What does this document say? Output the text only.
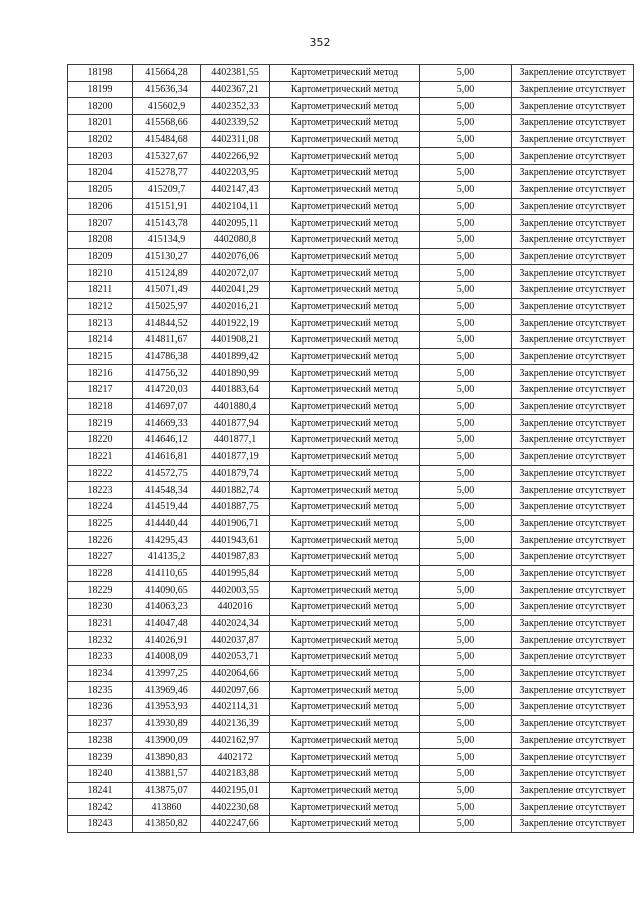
352
18198	415664,28	4402381,55	Картометрический метод	5,00	Закрепление отсутствует
18199	415636,34	4402367,21	Картометрический метод	5,00	Закрепление отсутствует
18200	415602,9	4402352,33	Картометрический метод	5,00	Закрепление отсутствует
18201	415568,66	4402339,52	Картометрический метод	5,00	Закрепление отсутствует
18202	415484,68	4402311,08	Картометрический метод	5,00	Закрепление отсутствует
18203	415327,67	4402266,92	Картометрический метод	5,00	Закрепление отсутствует
18204	415278,77	4402203,95	Картометрический метод	5,00	Закрепление отсутствует
18205	415209,7	4402147,43	Картометрический метод	5,00	Закрепление отсутствует
18206	415151,91	4402104,11	Картометрический метод	5,00	Закрепление отсутствует
18207	415143,78	4402095,11	Картометрический метод	5,00	Закрепление отсутствует
18208	415134,9	4402080,8	Картометрический метод	5,00	Закрепление отсутствует
18209	415130,27	4402076,06	Картометрический метод	5,00	Закрепление отсутствует
18210	415124,89	4402072,07	Картометрический метод	5,00	Закрепление отсутствует
18211	415071,49	4402041,29	Картометрический метод	5,00	Закрепление отсутствует
18212	415025,97	4402016,21	Картометрический метод	5,00	Закрепление отсутствует
18213	414844,52	4401922,19	Картометрический метод	5,00	Закрепление отсутствует
18214	414811,67	4401908,21	Картометрический метод	5,00	Закрепление отсутствует
18215	414786,38	4401899,42	Картометрический метод	5,00	Закрепление отсутствует
18216	414756,32	4401890,99	Картометрический метод	5,00	Закрепление отсутствует
18217	414720,03	4401883,64	Картометрический метод	5,00	Закрепление отсутствует
18218	414697,07	4401880,4	Картометрический метод	5,00	Закрепление отсутствует
18219	414669,33	4401877,94	Картометрический метод	5,00	Закрепление отсутствует
18220	414646,12	4401877,1	Картометрический метод	5,00	Закрепление отсутствует
18221	414616,81	4401877,19	Картометрический метод	5,00	Закрепление отсутствует
18222	414572,75	4401879,74	Картометрический метод	5,00	Закрепление отсутствует
18223	414548,34	4401882,74	Картометрический метод	5,00	Закрепление отсутствует
18224	414519,44	4401887,75	Картометрический метод	5,00	Закрепление отсутствует
18225	414440,44	4401906,71	Картометрический метод	5,00	Закрепление отсутствует
18226	414295,43	4401943,61	Картометрический метод	5,00	Закрепление отсутствует
18227	414135,2	4401987,83	Картометрический метод	5,00	Закрепление отсутствует
18228	414110,65	4401995,84	Картометрический метод	5,00	Закрепление отсутствует
18229	414090,65	4402003,55	Картометрический метод	5,00	Закрепление отсутствует
18230	414063,23	4402016	Картометрический метод	5,00	Закрепление отсутствует
18231	414047,48	4402024,34	Картометрический метод	5,00	Закрепление отсутствует
18232	414026,91	4402037,87	Картометрический метод	5,00	Закрепление отсутствует
18233	414008,09	4402053,71	Картометрический метод	5,00	Закрепление отсутствует
18234	413997,25	4402064,66	Картометрический метод	5,00	Закрепление отсутствует
18235	413969,46	4402097,66	Картометрический метод	5,00	Закрепление отсутствует
18236	413953,93	4402114,31	Картометрический метод	5,00	Закрепление отсутствует
18237	413930,89	4402136,39	Картометрический метод	5,00	Закрепление отсутствует
18238	413900,09	4402162,97	Картометрический метод	5,00	Закрепление отсутствует
18239	413890,83	4402172	Картометрический метод	5,00	Закрепление отсутствует
18240	413881,57	4402183,88	Картометрический метод	5,00	Закрепление отсутствует
18241	413875,07	4402195,01	Картометрический метод	5,00	Закрепление отсутствует
18242	413860	4402230,68	Картометрический метод	5,00	Закрепление отсутствует
18243	413850,82	4402247,66	Картометрический метод	5,00	Закрепление отсутствует
